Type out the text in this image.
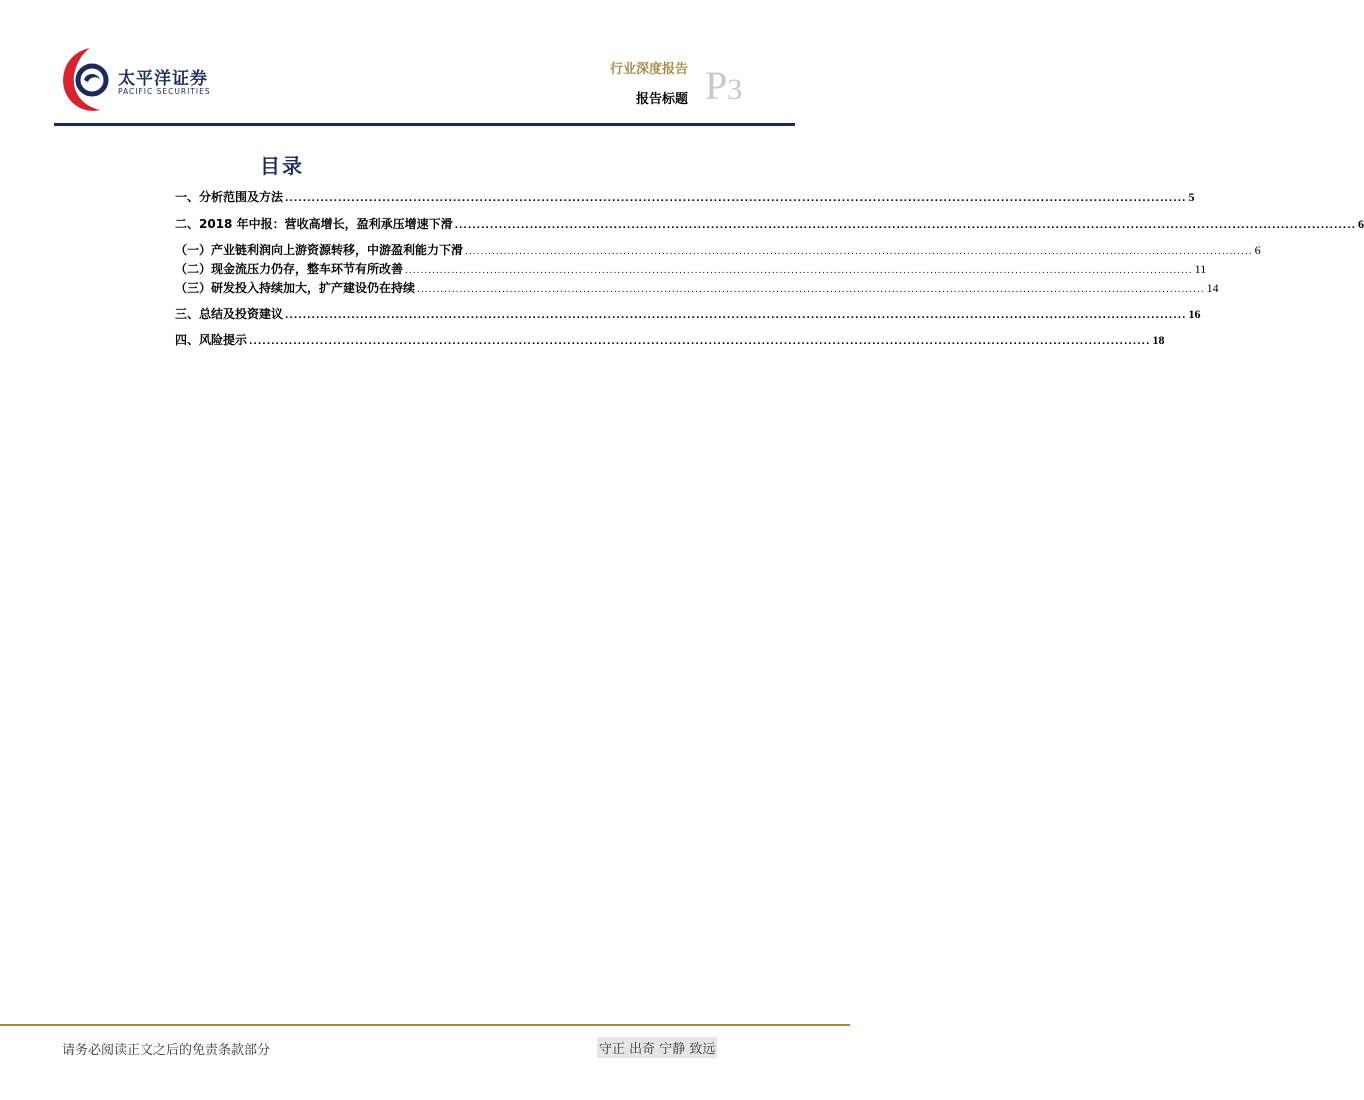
太平洋证券
PACIFIC SECURITIES
行业深度报告
报告标题 P3
目录
一、分析范围及方法 ............................................................................................................................................................................................................ 5
二、2018 年中报：营收高增长，盈利承压增速下滑 ............................................................................................................................................................................................................ 6
（一）产业链利润向上游资源转移，中游盈利能力下滑 ............................................................................................................................................................................................................ 6
（二）现金流压力仍存，整车环节有所改善 ............................................................................................................................................................................................................ 11
（三）研发投入持续加大，扩产建设仍在持续 ............................................................................................................................................................................................................ 14
三、总结及投资建议 ............................................................................................................................................................................................................ 16
四、风险提示 ............................................................................................................................................................................................................ 18
请务必阅读正文之后的免责条款部分	守正 出奇 宁静 致远
